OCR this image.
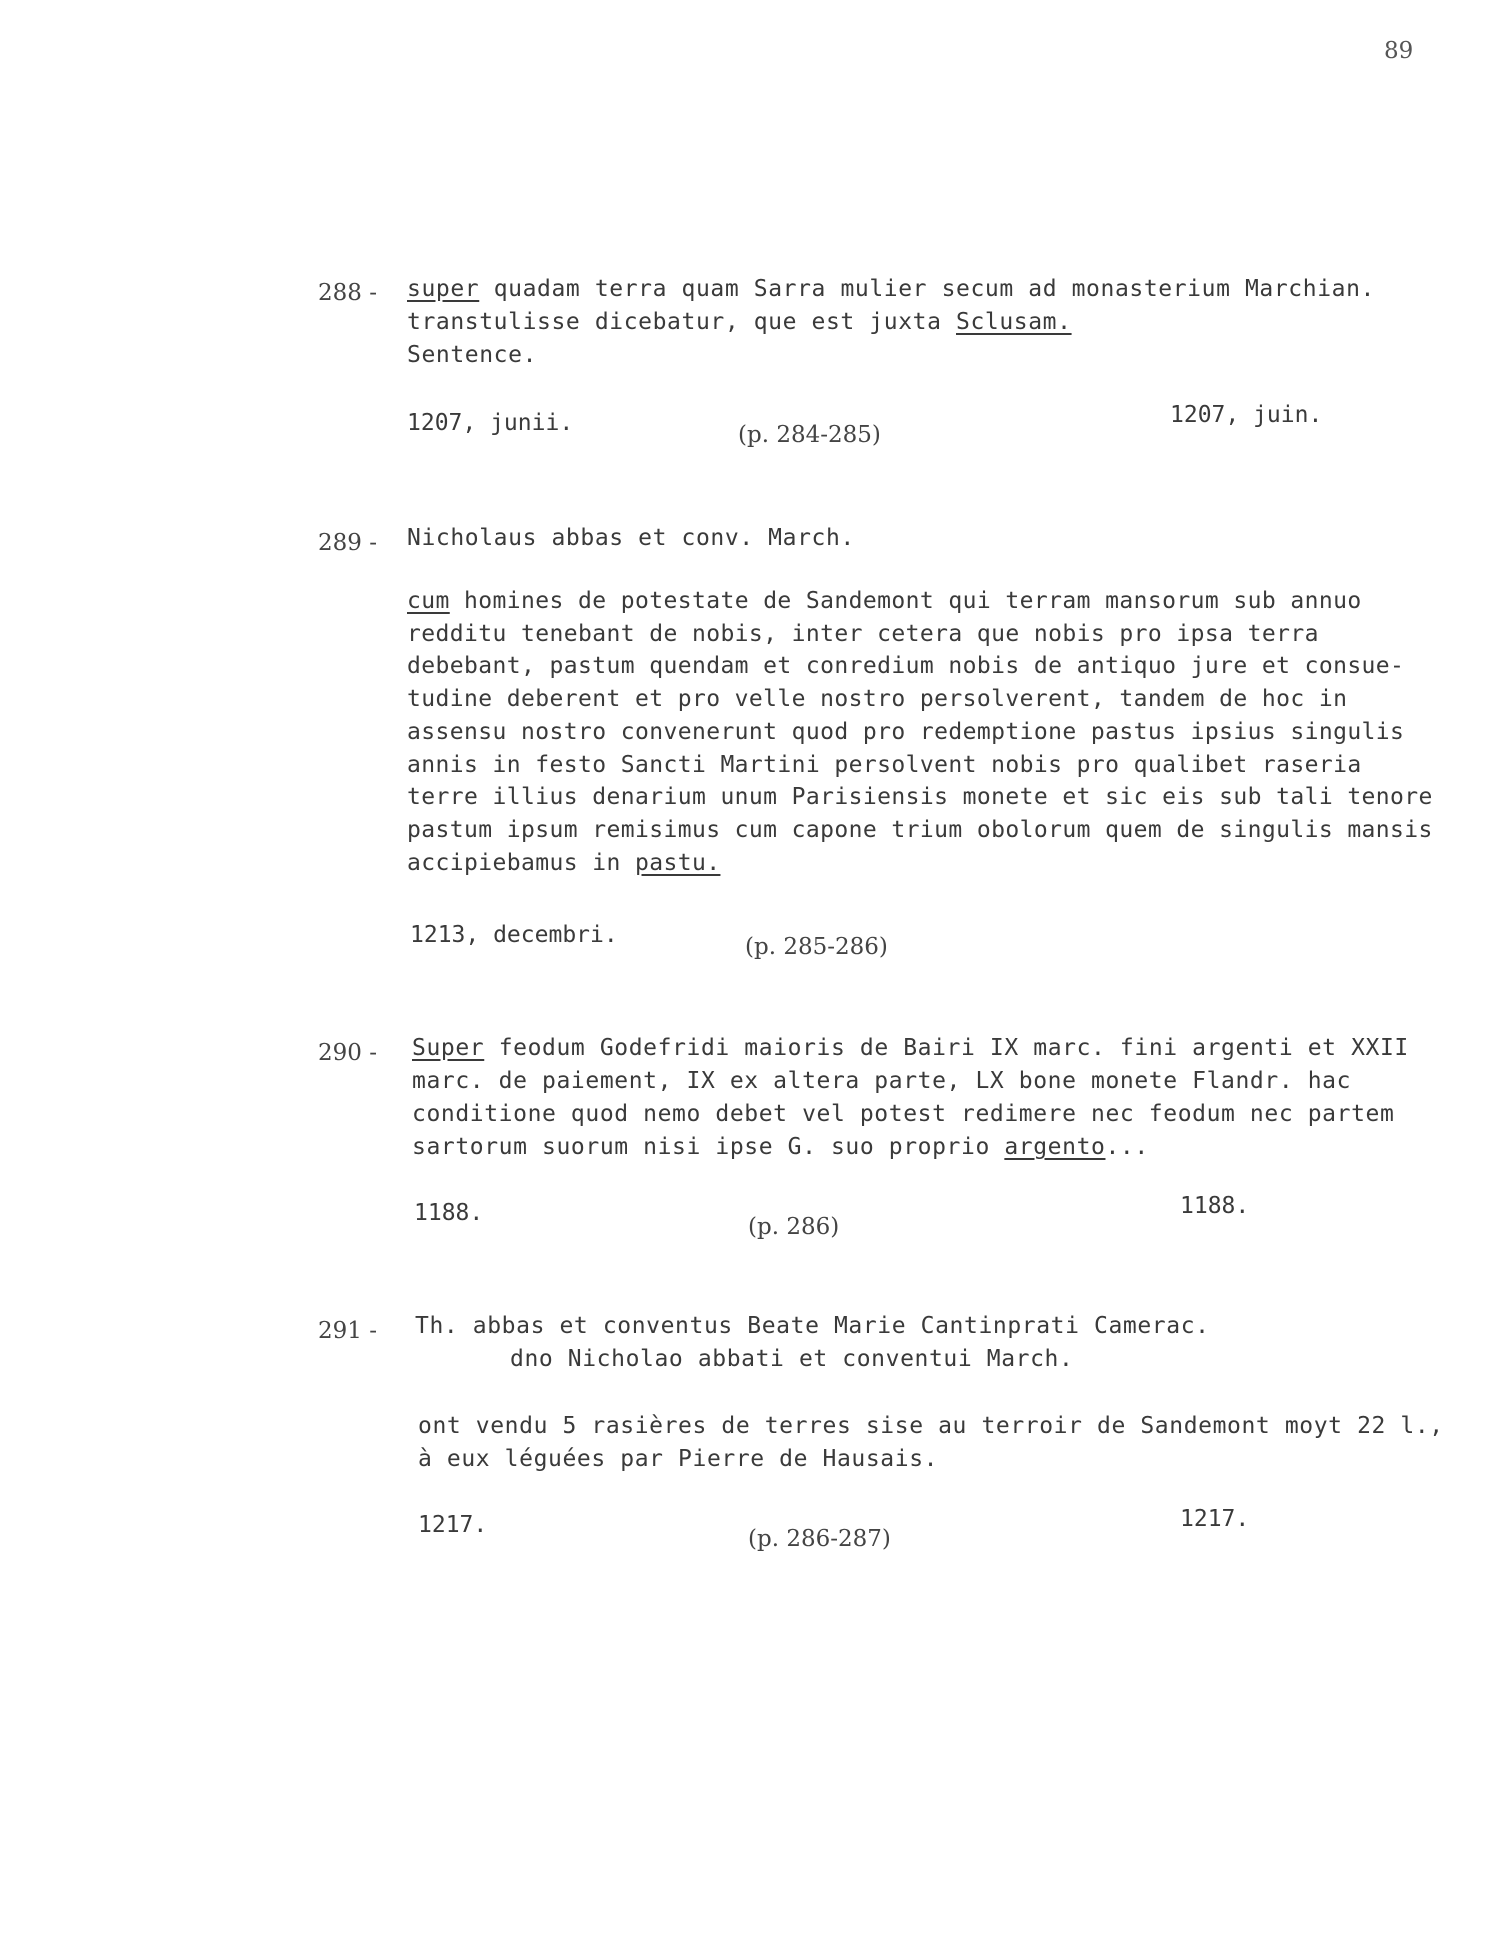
89
288 - super quadam terra quam Sarra mulier secum ad monasterium Marchian.
transtulisse dicebatur, que est juxta Sclusam.
Sentence.
1207, junii.	(p. 284-285)
1207, juin.
289 - Nicholaus abbas et conv. March.
cum homines de potestate de Sandemont qui terram mansorum sub annuo
redditu tenebant de nobis, inter cetera que nobis pro ipsa terra
debebant, pastum quendam et conredium nobis de antiquo jure et consue-
tudine deberent et pro velle nostro persolverent, tandem de hoc in
assensu nostro convenerunt quod pro redemptione pastus ipsius singulis
annis in festo Sancti Martini persolvent nobis pro qualibet raseria
terre illius denarium unum Parisiensis monete et sic eis sub tali tenore
pastum ipsum remisimus cum capone trium obolorum quem de singulis mansis
accipiebamus in pastu.
1213, decembri.	(p. 285-286)
290 - Super feodum Godefridi maioris de Bairi IX marc. fini argenti et XXII
marc. de paiement, IX ex altera parte, LX bone monete Flandr. hac
conditione quod nemo debet vel potest redimere nec feodum nec partem
sartorum suorum nisi ipse G. suo proprio argento...
1188.
(p. 286)
1188.
291 - Th. abbas et conventus Beate Marie Cantinprati Camerac.
dno Nicholao abbati et conventui March.
ont vendu 5 rasières de terres sise au terroir de Sandemont moyt 22 l.,
à eux léguées par Pierre de Hausais.
1217.
(p. 286-287)
1217.
